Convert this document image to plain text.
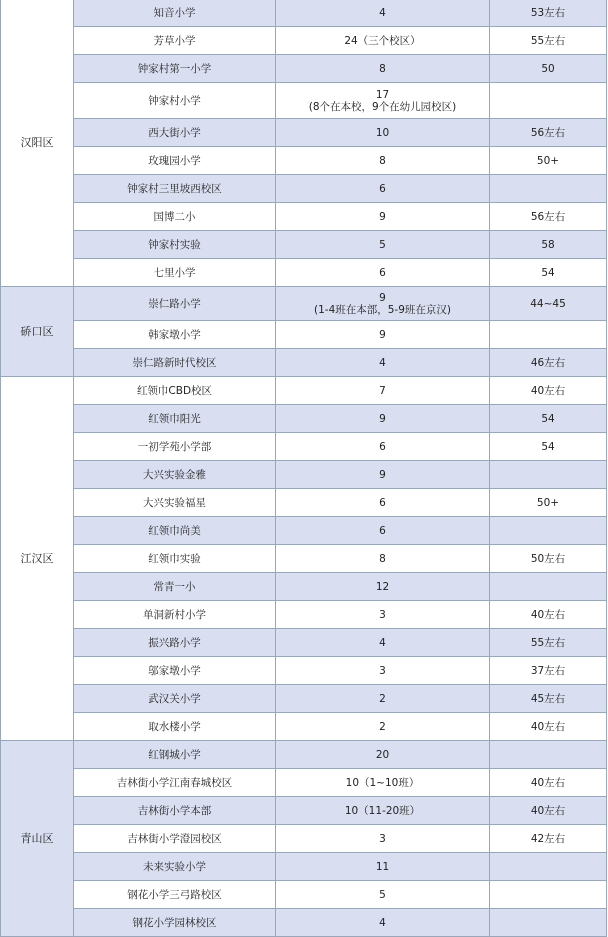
汉阳区	知音小学	4	53左右
	芳草小学	24（三个校区）	55左右
	钟家村第一小学	8	50
	钟家村小学	17
(8个在本校，9个在幼儿园校区)	

	西大街小学	10	56左右
	玫瑰园小学	8	50+
	钟家村三里坡西校区	6	

	国博二小	9	56左右
	钟家村实验	5	58
	七里小学	6	54
硚口区	崇仁路小学	9
(1-4班在本部，5-9班在京汉)	44~45
	韩家墩小学	9	

	崇仁路新时代校区	4	46左右
江汉区	红领巾CBD校区	7	40左右
	红领巾阳光	9	54
	一初学苑小学部	6	54
	大兴实验金雅	9	

	大兴实验福星	6	50+
	红领巾尚美	6	

	红领巾实验	8	50左右
	常青一小	12	

	单洞新村小学	3	40左右
	振兴路小学	4	55左右
	邬家墩小学	3	37左右
	武汉关小学	2	45左右
	取水楼小学	2	40左右
青山区	红钢城小学	20	

	吉林街小学江南春城校区	10（1~10班）	40左右
	吉林街小学本部	10（11-20班）	40左右
	吉林街小学澄园校区	3	42左右
	未来实验小学	11	

	钢花小学三弓路校区	5	

	钢花小学园林校区	4	
